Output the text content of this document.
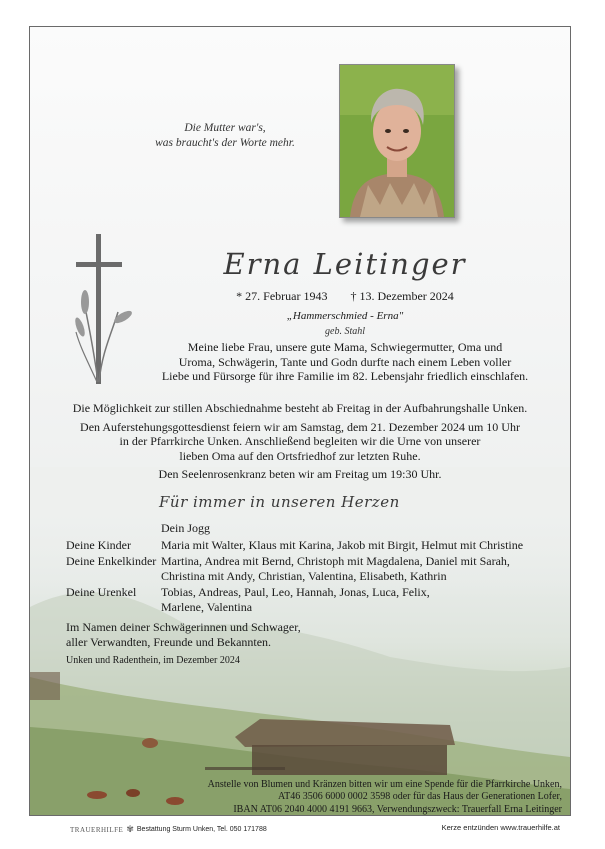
Die Mutter war's,
was braucht's der Worte mehr.
Erna Leitinger
* 27. Februar 1943 † 13. Dezember 2024
„Hammerschmied - Erna"
geb. Stahl
Meine liebe Frau, unsere gute Mama, Schwiegermutter, Oma und
Uroma, Schwägerin, Tante und Godn durfte nach einem Leben voller
Liebe und Fürsorge für ihre Familie im 82. Lebensjahr friedlich einschlafen.

Die Möglichkeit zur stillen Abschiednahme besteht ab Freitag in der Aufbahrungshalle Unken.

Den Auferstehungsgottesdienst feiern wir am Samstag, dem 21. Dezember 2024 um 10 Uhr
in der Pfarrkirche Unken. Anschließend begleiten wir die Urne von unserer

lieben Oma auf den Ortsfriedhof zur letzten Ruhe.

Den Seelenrosenkranz beten wir am Freitag um 19:30 Uhr.

Für immer in unseren Herzen
Dein Jogg
Deine Kinder	Maria mit Walter, Klaus mit Karina, Jakob mit Birgit, Helmut mit Christine
Deine Enkelkinder Martina, Andrea mit Bernd, Christoph mit Magdalena, Daniel mit Sarah,
Christina mit Andy, Christian, Valentina, Elisabeth, Kathrin
Deine Urenkel	Tobias, Andreas, Paul, Leo, Hannah, Jonas, Luca, Felix,
Marlene, Valentina
Im Namen deiner Schwägerinnen und Schwager,
aller Verwandten, Freunde und Bekannten.
Unken und Radenthein, im Dezember 2024
Anstelle von Blumen und Kränzen bitten wir um eine Spende für die Pfarrkirche Unken,
AT46 3506 6000 0002 3598 oder für das Haus der Generationen Lofer,
IBAN AT06 2040 4000 4191 9663, Verwendungszweck: Trauerfall Erna Leitinger
TRAUERHILFE ✾ Bestattung Sturm Unken, Tel. 050 171788	Kerze entzünden www.trauerhilfe.at
